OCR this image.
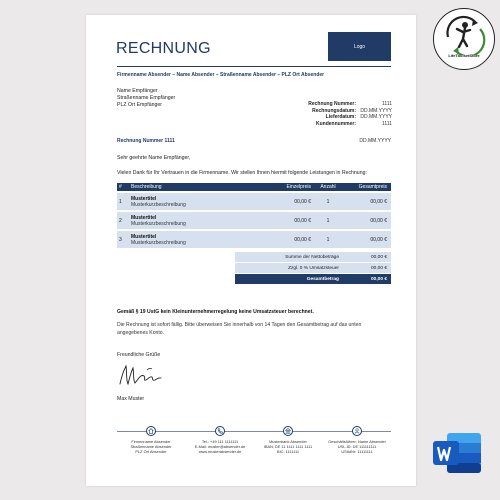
RECHNUNG	Logo
Firmenname Absender – Name Absender – Straßenname Absender – PLZ Ort Absender
Name Empfänger
Straßenname Empfänger
PLZ Ort Empfänger	Rechnung Nummer:	1111
Rechnungsdatum: DD.MM.YYYY
Lieferdatum: DD.MM.YYYY
Kundennummer:	1111
Rechnung Nummer 1111	DD.MM.YYYY
Sehr geehrte Name Empfänger,
Vielen Dank für Ihr Vertrauen in die Firmenname. Wir stellen Ihnen hiermit folgende Leistungen in Rechnung:
#	Beschreibung	Einzelpreis	Anzahl	Gesamtpreis
1	Mustertitel
Musterkurzbeschreibung	00,00 €	1	00,00 €
2	Mustertitel
Musterkurzbeschreibung	00,00 €	1	00,00 €
3	Mustertitel
Musterkurzbeschreibung	00,00 €	1	00,00 €
Summe der Nettobeträge	00,00 €
Zzgl. 0 % Umsatzsteuer	00,00 €
Gesamtbetrag	00,00 €
Gemäß § 19 UstG kein Kleinunternehmerregelung keine Umsatzsteuer berechnet.
Die Rechnung ist sofort fällig. Bitte überweisen Sie innerhalb von 14 Tagen den Gesamtbetrag auf das unten angegebenes Konto.
Freundliche Grüße
Max Muster
Firmenname Absender
Straßenname Absender
PLZ Ort Absender
Tel.: +49 111 1111111
E-Mail: muster@absender.de
www.musterabsender.de
Musterbank Absender
IBAN: DE 11 1111 1111 1111
BIC: 1111111
Geschäftsführer: Name Absender
USt.-ID: DE 111111111
UStIdNr: 11111111
LifeToolsetStore
